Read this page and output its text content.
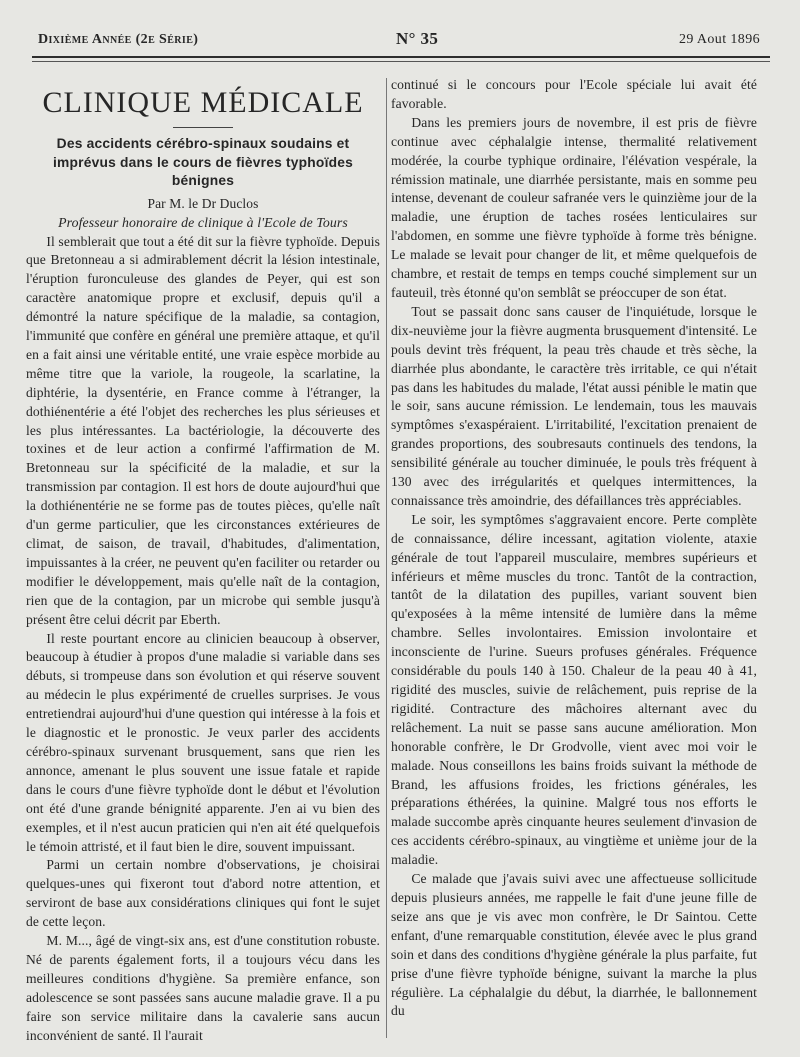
Dixième Année (2e Série)	N° 35	29 Aout 1896
CLINIQUE MÉDICALE
Des accidents cérébro-spinaux soudains et imprévus dans le cours de fièvres typhoïdes bénignes
Par M. le Dr Duclos
Professeur honoraire de clinique à l'Ecole de Tours

Il semblerait que tout a été dit sur la fièvre typhoïde. Depuis que Bretonneau a si admirablement décrit la lésion intestinale, l'éruption furonculeuse des glandes de Peyer, qui est son caractère anatomique propre et exclusif, depuis qu'il a démontré la nature spécifique de la maladie, sa contagion, l'immunité que confère en général une première attaque, et qu'il en a fait ainsi une véritable entité, une vraie espèce morbide au même titre que la variole, la rougeole, la scarlatine, la diphtérie, la dysentérie, en France comme à l'étranger, la dothiénentérie a été l'objet des recherches les plus sérieuses et les plus intéressantes. La bactériologie, la découverte des toxines et de leur action a confirmé l'affirmation de M. Bretonneau sur la spécificité de la maladie, et sur la transmission par contagion. Il est hors de doute aujourd'hui que la dothiénentérie ne se forme pas de toutes pièces, qu'elle naît d'un germe particulier, que les circonstances extérieures de climat, de saison, de travail, d'habitudes, d'alimentation, impuissantes à la créer, ne peuvent qu'en faciliter ou retarder ou modifier le développement, mais qu'elle naît de la contagion, rien que de la contagion, par un microbe qui semble jusqu'à présent être celui décrit par Eberth.

Il reste pourtant encore au clinicien beaucoup à observer, beaucoup à étudier à propos d'une maladie si variable dans ses débuts, si trompeuse dans son évolution et qui réserve souvent au médecin le plus expérimenté de cruelles surprises. Je vous entretiendrai aujourd'hui d'une question qui intéresse à la fois et le diagnostic et le pronostic. Je veux parler des accidents cérébro-spinaux survenant brusquement, sans que rien les annonce, amenant le plus souvent une issue fatale et rapide dans le cours d'une fièvre typhoïde dont le début et l'évolution ont été d'une grande bénignité apparente. J'en ai vu bien des exemples, et il n'est aucun praticien qui n'en ait été quelquefois le témoin attristé, et il faut bien le dire, souvent impuissant.

Parmi un certain nombre d'observations, je choisirai quelques-unes qui fixeront tout d'abord notre attention, et serviront de base aux considérations cliniques qui font le sujet de cette leçon.

M. M..., âgé de vingt-six ans, est d'une constitution robuste. Né de parents également forts, il a toujours vécu dans les meilleures conditions d'hygiène. Sa première enfance, son adolescence se sont passées sans aucune maladie grave. Il a pu faire son service militaire dans la cavalerie sans aucun inconvénient de santé. Il l'aurait

continué si le concours pour l'Ecole spéciale lui avait été favorable.

Dans les premiers jours de novembre, il est pris de fièvre continue avec céphalalgie intense, thermalité relativement modérée, la courbe typhique ordinaire, l'élévation vespérale, la rémission matinale, une diarrhée persistante, mais en somme peu intense, devenant de couleur safranée vers le quinzième jour de la maladie, une éruption de taches rosées lenticulaires sur l'abdomen, en somme une fièvre typhoïde à forme très bénigne. Le malade se levait pour changer de lit, et même quelquefois de chambre, et restait de temps en temps couché simplement sur un fauteuil, très étonné qu'on semblât se préoccuper de son état.

Tout se passait donc sans causer de l'inquiétude, lorsque le dix-neuvième jour la fièvre augmenta brusquement d'intensité. Le pouls devint très fréquent, la peau très chaude et très sèche, la diarrhée plus abondante, le caractère très irritable, ce qui n'était pas dans les habitudes du malade, l'état aussi pénible le matin que le soir, sans aucune rémission. Le lendemain, tous les mauvais symptômes s'exaspéraient. L'irritabilité, l'excitation prenaient de grandes proportions, des soubresauts continuels des tendons, la sensibilité générale au toucher diminuée, le pouls très fréquent à 130 avec des irrégularités et quelques intermittences, la connaissance très amoindrie, des défaillances très appréciables.

Le soir, les symptômes s'aggravaient encore. Perte complète de connaissance, délire incessant, agitation violente, ataxie générale de tout l'appareil musculaire, membres supérieurs et inférieurs et même muscles du tronc. Tantôt de la contraction, tantôt de la dilatation des pupilles, variant souvent bien qu'exposées à la même intensité de lumière dans la même chambre. Selles involontaires. Emission involontaire et inconsciente de l'urine. Sueurs profuses générales. Fréquence considérable du pouls 140 à 150. Chaleur de la peau 40 à 41, rigidité des muscles, suivie de relâchement, puis reprise de la rigidité. Contracture des mâchoires alternant avec du relâchement. La nuit se passe sans aucune amélioration. Mon honorable confrère, le Dr Grodvolle, vient avec moi voir le malade. Nous conseillons les bains froids suivant la méthode de Brand, les affusions froides, les frictions générales, les préparations éthérées, la quinine. Malgré tous nos efforts le malade succombe après cinquante heures seulement d'invasion de ces accidents cérébro-spinaux, au vingtième et unième jour de la maladie.

Ce malade que j'avais suivi avec une affectueuse sollicitude depuis plusieurs années, me rappelle le fait d'une jeune fille de seize ans que je vis avec mon confrère, le Dr Saintou. Cette enfant, d'une remarquable constitution, élevée avec le plus grand soin et dans des conditions d'hygiène générale la plus parfaite, fut prise d'une fièvre typhoïde bénigne, suivant la marche la plus régulière. La céphalalgie du début, la diarrhée, le ballonnement du
